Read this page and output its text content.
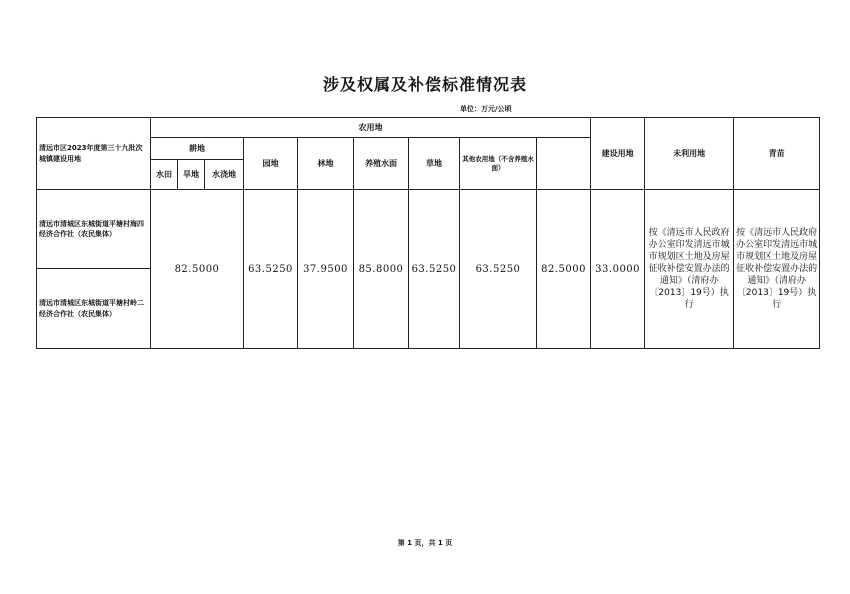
涉及权属及补偿标准情况表
单位：万元/公顷
清远市区2023年度第三十九批次城镇建设用地	农用地									建设用地	未利用地	青苗	
	耕地			园地	林地	养殖水面	草地	其他农用地（不含养殖水面）					
	水田	旱地	水浇地										
清远市清城区东城街道平塘村海四经济合作社（农民集体）	82.5000			63.5250	37.9500	85.8000	63.5250	63.5250	82.5000	33.0000	按《清远市人民政府办公室印发清远市城市规划区土地及房屋征收补偿安置办法的通知》（清府办〔2013〕19号）执行	按《清远市人民政府办公室印发清远市城市规划区土地及房屋征收补偿安置办法的通知》（清府办〔2013〕19号）执行	
清远市清城区东城街道平塘村岭二经济合作社（农民集体）													
第 1 页，共 1 页
